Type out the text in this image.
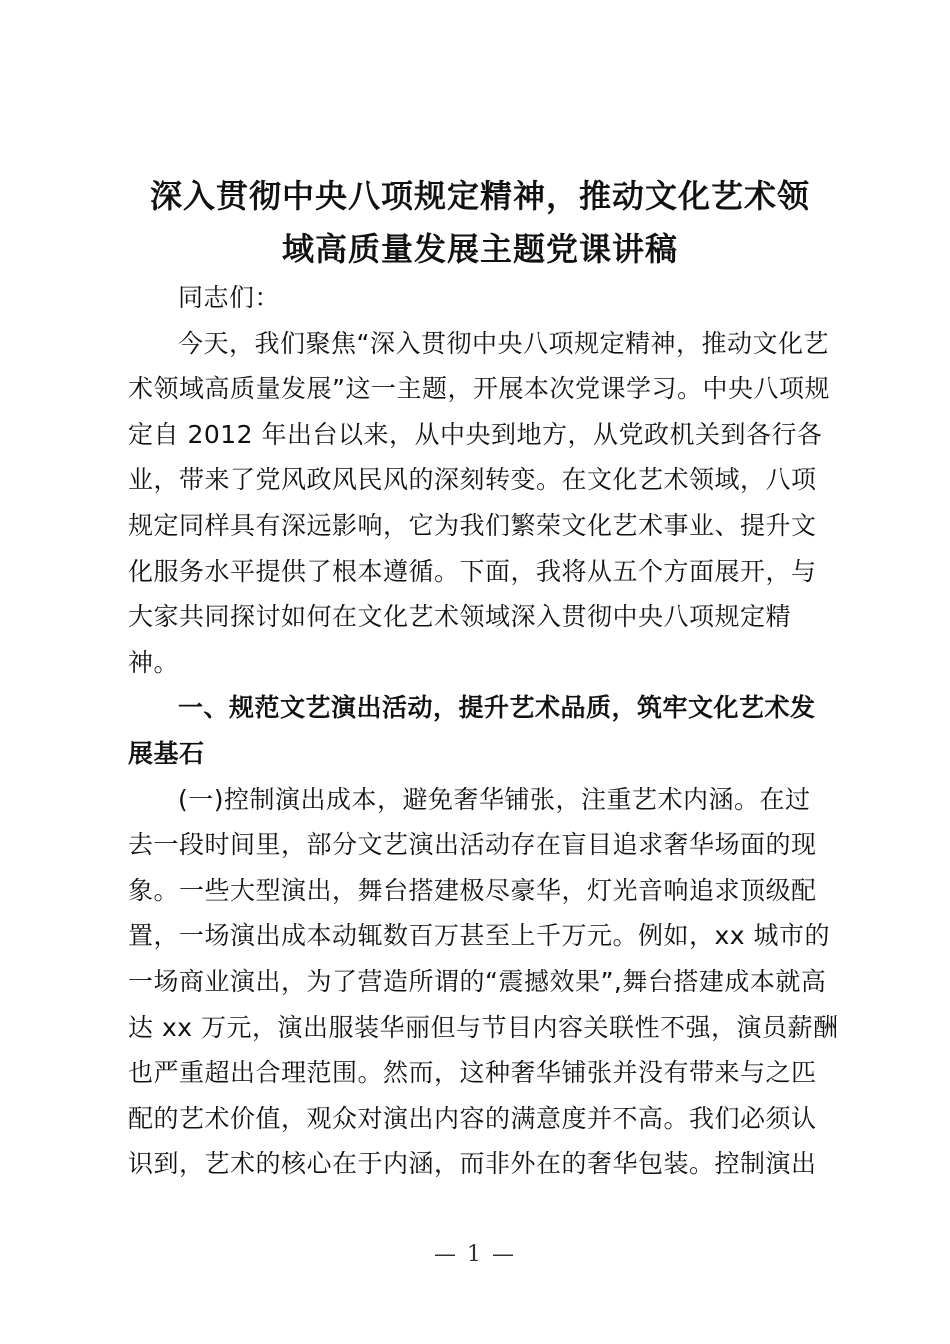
深入贯彻中央八项规定精神，推动文化艺术领
域高质量发展主题党课讲稿
同志们：
今天，我们聚焦“深入贯彻中央八项规定精神，推动文化艺
术领域高质量发展”这一主题，开展本次党课学习。中央八项规
定自 2012 年出台以来，从中央到地方，从党政机关到各行各
业，带来了党风政风民风的深刻转变。在文化艺术领域，八项
规定同样具有深远影响，它为我们繁荣文化艺术事业、提升文
化服务水平提供了根本遵循。下面，我将从五个方面展开，与
大家共同探讨如何在文化艺术领域深入贯彻中央八项规定精
神。
一、规范文艺演出活动，提升艺术品质，筑牢文化艺术发
展基石
(一)控制演出成本，避免奢华铺张，注重艺术内涵。在过
去一段时间里，部分文艺演出活动存在盲目追求奢华场面的现
象。一些大型演出，舞台搭建极尽豪华，灯光音响追求顶级配
置，一场演出成本动辄数百万甚至上千万元。例如，xx 城市的
一场商业演出，为了营造所谓的“震撼效果”,舞台搭建成本就高
达 xx 万元，演出服装华丽但与节目内容关联性不强，演员薪酬
也严重超出合理范围。然而，这种奢华铺张并没有带来与之匹
配的艺术价值，观众对演出内容的满意度并不高。我们必须认
识到，艺术的核心在于内涵，而非外在的奢华包装。控制演出
— 1 —
